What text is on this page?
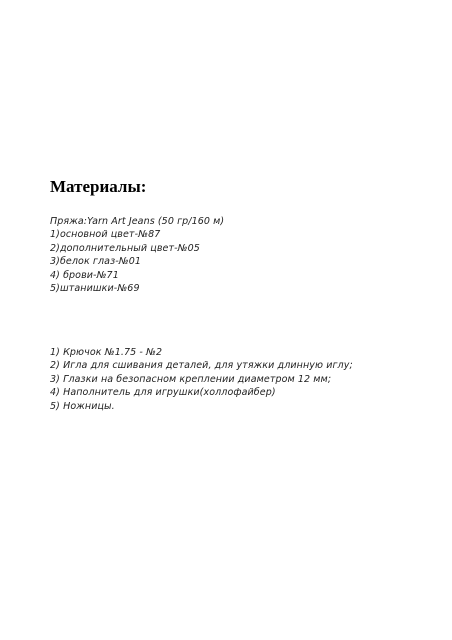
Материалы:
Пряжа:Yarn Art Jeans (50 гр/160 м)
1)основной цвет-№87
2)дополнительный цвет-№05
3)белок глаз-№01
4) брови-№71
5)штанишки-№69
1) Крючок №1.75 - №2
2) Игла для сшивания деталей, для утяжки длинную иглу;
3) Глазки на безопасном креплении диаметром 12 мм;
4) Наполнитель для игрушки(холлофайбер)
5) Ножницы.
